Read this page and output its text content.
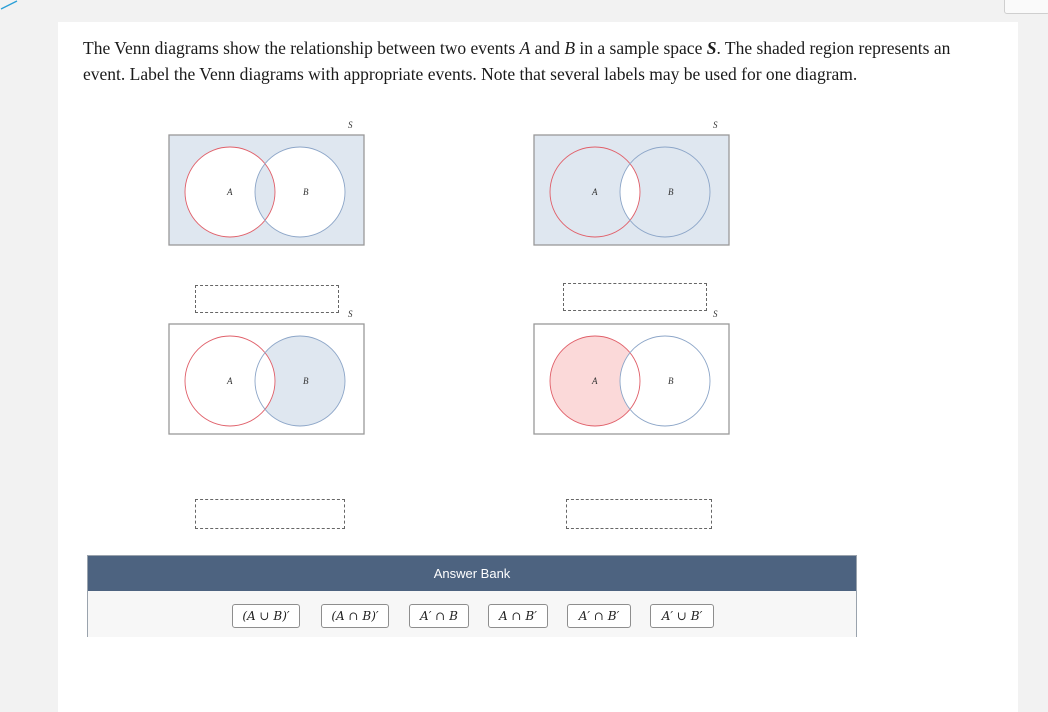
The Venn diagrams show the relationship between two events A and B in a sample space S. The shaded region represents an event. Label the Venn diagrams with appropriate events. Note that several labels may be used for one diagram.
S
A	B
S
A	B
S
A	B
S
A	B
Answer Bank
(A ∪ B)′	(A ∩ B)′	A′ ∩ B	A ∩ B′	A′ ∩ B′	A′ ∪ B′
